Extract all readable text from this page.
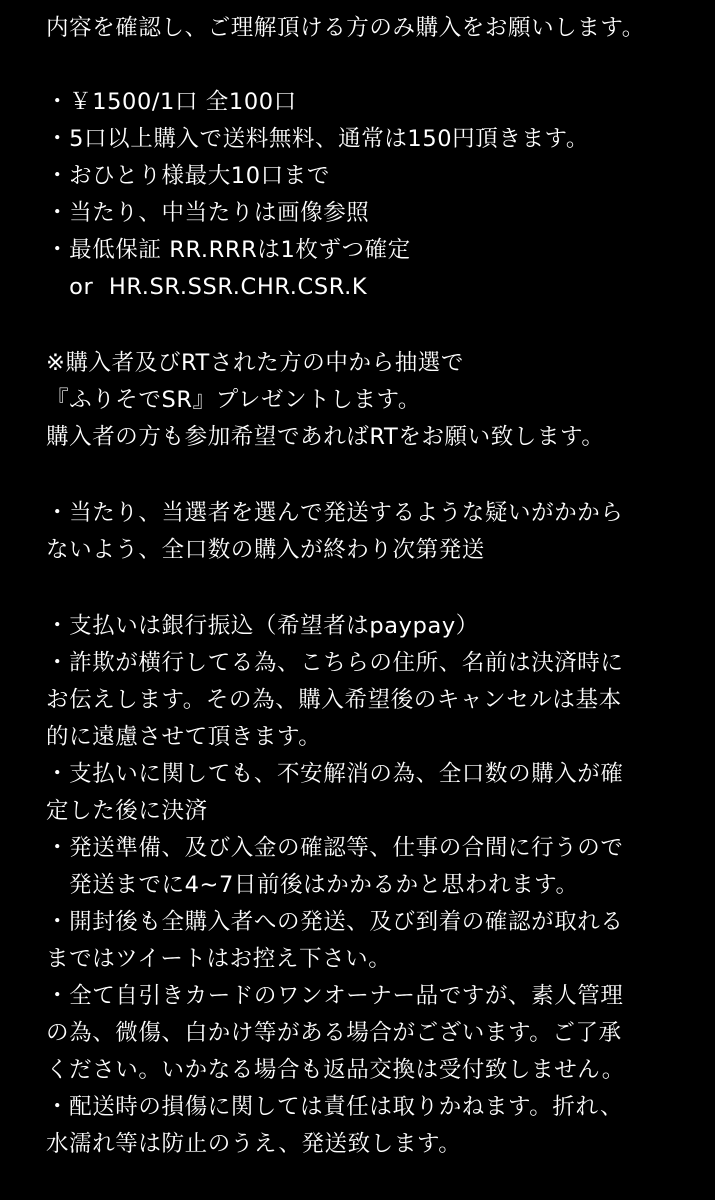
内容を確認し、ご理解頂ける方のみ購入をお願いします。
・￥1500/1口 全100口
・5口以上購入で送料無料、通常は150円頂きます。
・おひとり様最大10口まで
・当たり、中当たりは画像参照
・最低保証 RR.RRRは1枚ずつ確定
　or  HR.SR.SSR.CHR.CSR.K
※購入者及びRTされた方の中から抽選で
『ふりそでSR』プレゼントします。
購入者の方も参加希望であればRTをお願い致します。
・当たり、当選者を選んで発送するような疑いがかから
ないよう、全口数の購入が終わり次第発送
・支払いは銀行振込（希望者はpaypay）
・詐欺が横行してる為、こちらの住所、名前は決済時に
お伝えします。その為、購入希望後のキャンセルは基本
的に遠慮させて頂きます。
・支払いに関しても、不安解消の為、全口数の購入が確
定した後に決済
・発送準備、及び入金の確認等、仕事の合間に行うので
　発送までに4~7日前後はかかるかと思われます。
・開封後も全購入者への発送、及び到着の確認が取れる
まではツイートはお控え下さい。
・全て自引きカードのワンオーナー品ですが、素人管理
の為、微傷、白かけ等がある場合がございます。ご了承
ください。いかなる場合も返品交換は受付致しません。
・配送時の損傷に関しては責任は取りかねます。折れ、
水濡れ等は防止のうえ、発送致します。
